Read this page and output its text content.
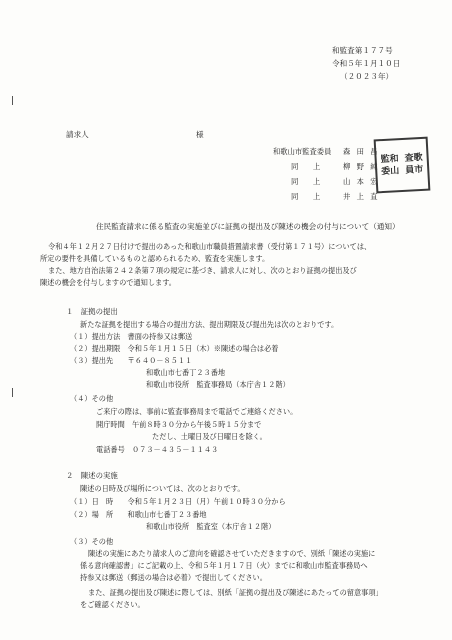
和監査第１７７号
令和５年１月１０日
（２０２３年）
請求人	様
和歌山市監査委員 森 田 昌
同　　上	柳 野 純
同　　上	山 本 宏
同　　上	井 上 直
監和 査歌
委山 員市
住民監査請求に係る監査の実施並びに証拠の提出及び陳述の機会の付与について（通知）
令和４年１２月２７日付けで提出のあった和歌山市職員措置請求書（受付第１７１号）については、
所定の要件を具備しているものと認められるため、監査を実施します。
また、地方自治法第２４２条第７項の規定に基づき、請求人に対し、次のとおり証拠の提出及び
陳述の機会を付与しますので通知します。
１　証拠の提出
新たな証拠を提出する場合の提出方法、提出期限及び提出先は次のとおりです。
（１）提出方法　書面の持参又は郵送
（２）提出期限　令和５年１月１５日（木）※陳述の場合は必着
（３）提出先　　〒６４０－８５１１
和歌山市七番丁２３番地
和歌山市役所　監査事務局（本庁舎１２階）
（４）その他
ご来庁の際は、事前に監査事務局まで電話でご連絡ください。
開庁時間　午前８時３０分から午後５時１５分まで
ただし、土曜日及び日曜日を除く。
電話番号　０７３－４３５－１１４３
２　陳述の実施
陳述の日時及び場所については、次のとおりです。
（１）日　時　　令和５年１月２３日（月）午前１０時３０分から
（２）場　所　　和歌山市七番丁２３番地
和歌山市役所　監査室（本庁舎１２階）
（３）その他
陳述の実施にあたり請求人のご意向を確認させていただきますので、別紙「陳述の実施に
係る意向確認書」にご記載の上、令和５年１月１７日（火）までに和歌山市監査事務局へ
持参又は郵送（郵送の場合は必着）で提出してください。
また、証拠の提出及び陳述に際しては、別紙「証拠の提出及び陳述にあたっての留意事項」
をご確認ください。
